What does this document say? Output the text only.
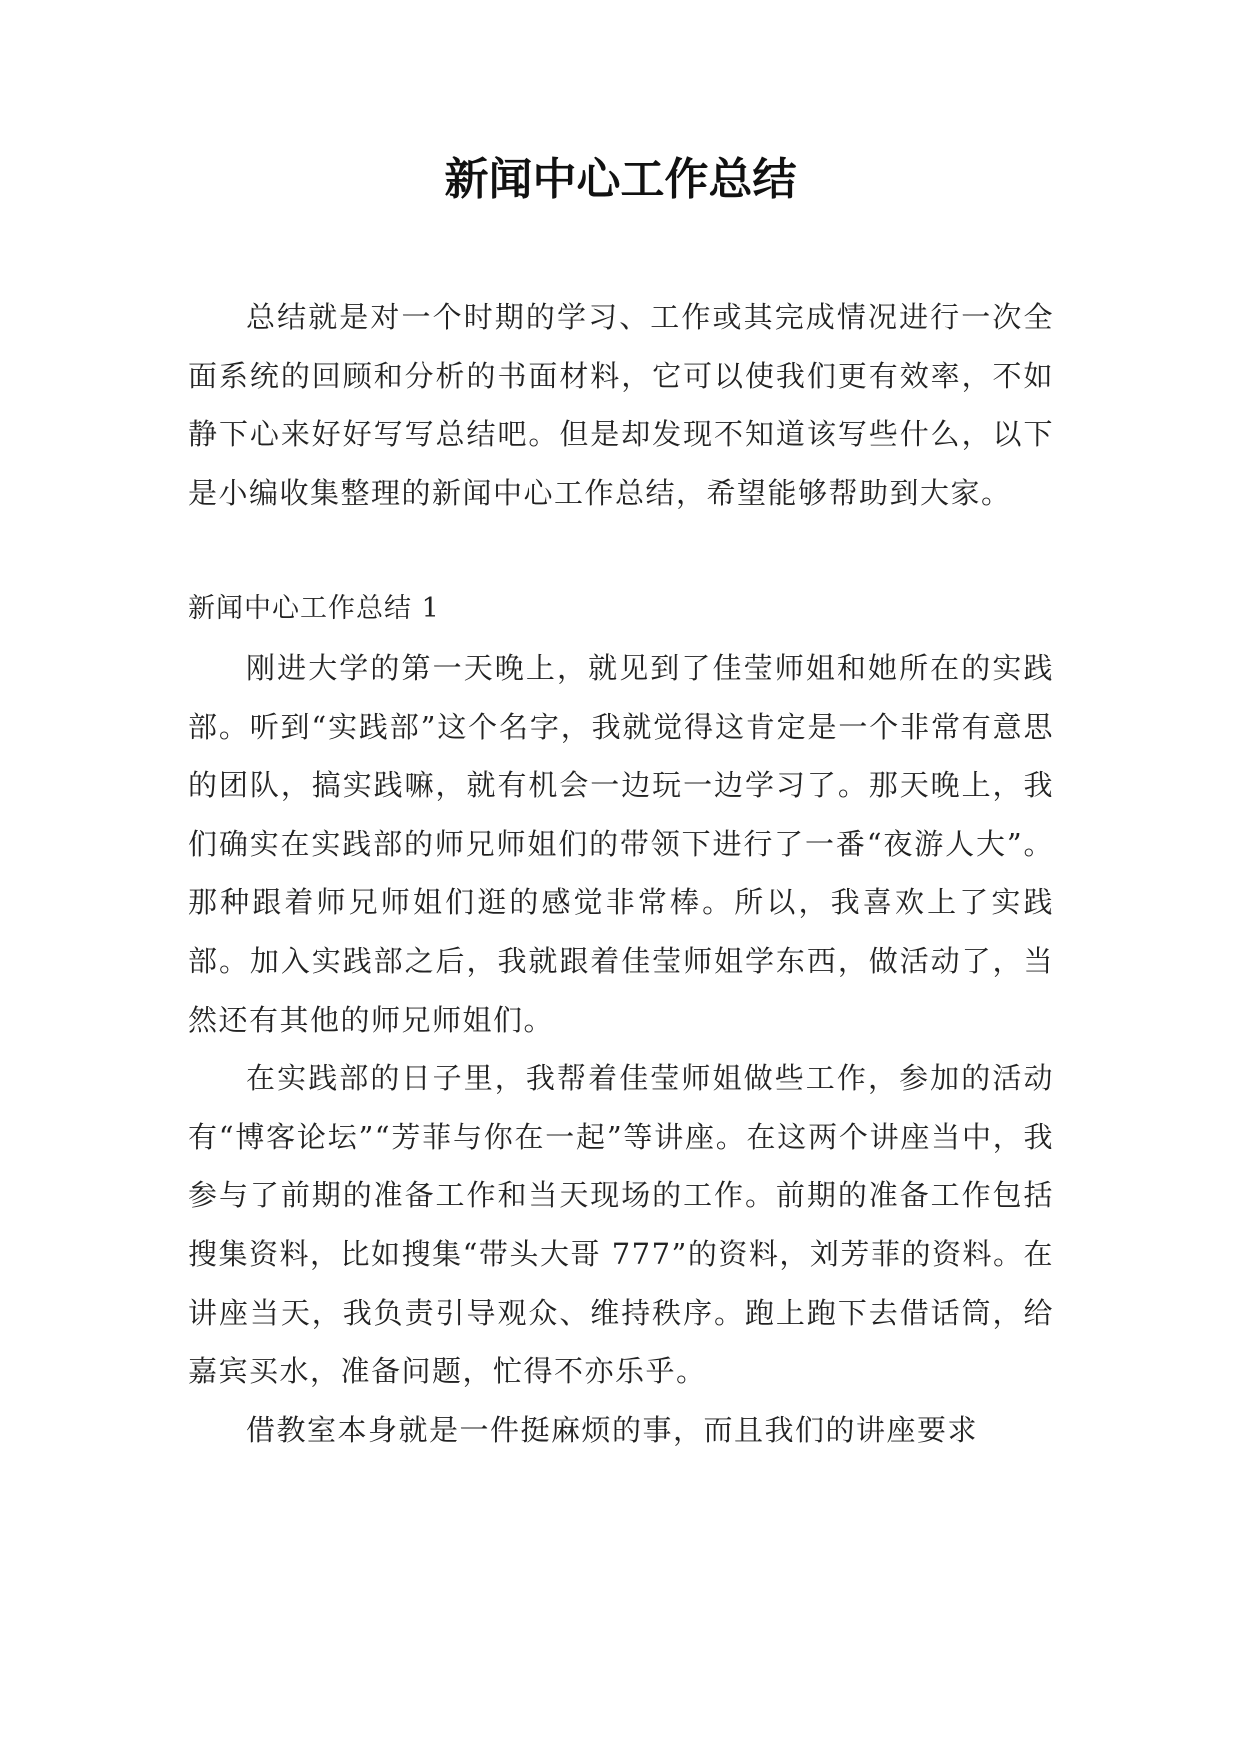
新闻中心工作总结

总结就是对一个时期的学习、工作或其完成情况进行一次全面系统的回顾和分析的书面材料，它可以使我们更有效率，不如静下心来好好写写总结吧。但是却发现不知道该写些什么，以下是小编收集整理的新闻中心工作总结，希望能够帮助到大家。

新闻中心工作总结 1

刚进大学的第一天晚上，就见到了佳莹师姐和她所在的实践部。听到“实践部”这个名字，我就觉得这肯定是一个非常有意思的团队，搞实践嘛，就有机会一边玩一边学习了。那天晚上，我们确实在实践部的师兄师姐们的带领下进行了一番“夜游人大”。那种跟着师兄师姐们逛的感觉非常棒。所以，我喜欢上了实践部。加入实践部之后，我就跟着佳莹师姐学东西，做活动了，当然还有其他的师兄师姐们。

在实践部的日子里，我帮着佳莹师姐做些工作，参加的活动有“博客论坛”“芳菲与你在一起”等讲座。在这两个讲座当中，我参与了前期的准备工作和当天现场的工作。前期的准备工作包括搜集资料，比如搜集“带头大哥 777”的资料，刘芳菲的资料。在讲座当天，我负责引导观众、维持秩序。跑上跑下去借话筒，给嘉宾买水，准备问题，忙得不亦乐乎。

借教室本身就是一件挺麻烦的事，而且我们的讲座要求
